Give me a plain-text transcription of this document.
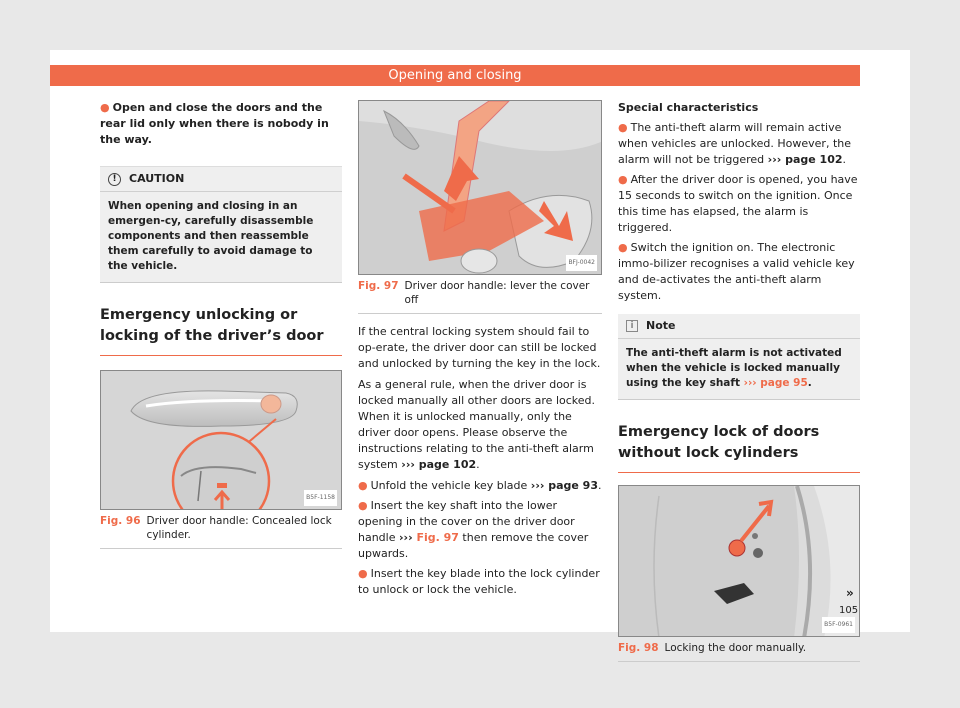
Opening and closing
● Open and close the doors and the rear lid only when there is nobody in the way.
!	CAUTION
When opening and closing in an emergen-cy, carefully disassemble components and then reassemble them carefully to avoid damage to the vehicle.
Emergency unlocking or locking of the driver’s door
B5F-1158
Fig. 96 Driver door handle: Concealed lock cylinder.
BFJ-0042
Fig. 97 Driver door handle: lever the cover off

If the central locking system should fail to op-erate, the driver door can still be locked and unlocked by turning the key in the lock.

As a general rule, when the driver door is locked manually all other doors are locked. When it is unlocked manually, only the driver door opens. Please observe the instructions relating to the anti-theft alarm system ››› page 102.

● Unfold the vehicle key blade ››› page 93.
● Insert the key shaft into the lower opening in the cover on the driver door handle ››› Fig. 97 then remove the cover upwards.
● Insert the key blade into the lock cylinder to unlock or lock the vehicle.
Special characteristics
● The anti-theft alarm will remain active when vehicles are unlocked. However, the alarm will not be triggered ››› page 102.
● After the driver door is opened, you have 15 seconds to switch on the ignition. Once this time has elapsed, the alarm is triggered.
● Switch the ignition on. The electronic immo-bilizer recognises a valid vehicle key and de-activates the anti-theft alarm system.
i	Note
The anti-theft alarm is not activated when the vehicle is locked manually using the key shaft ››› page 95.
Emergency lock of doors without lock cylinders
B5F-0961
Fig. 98 Locking the door manually.
»
105
